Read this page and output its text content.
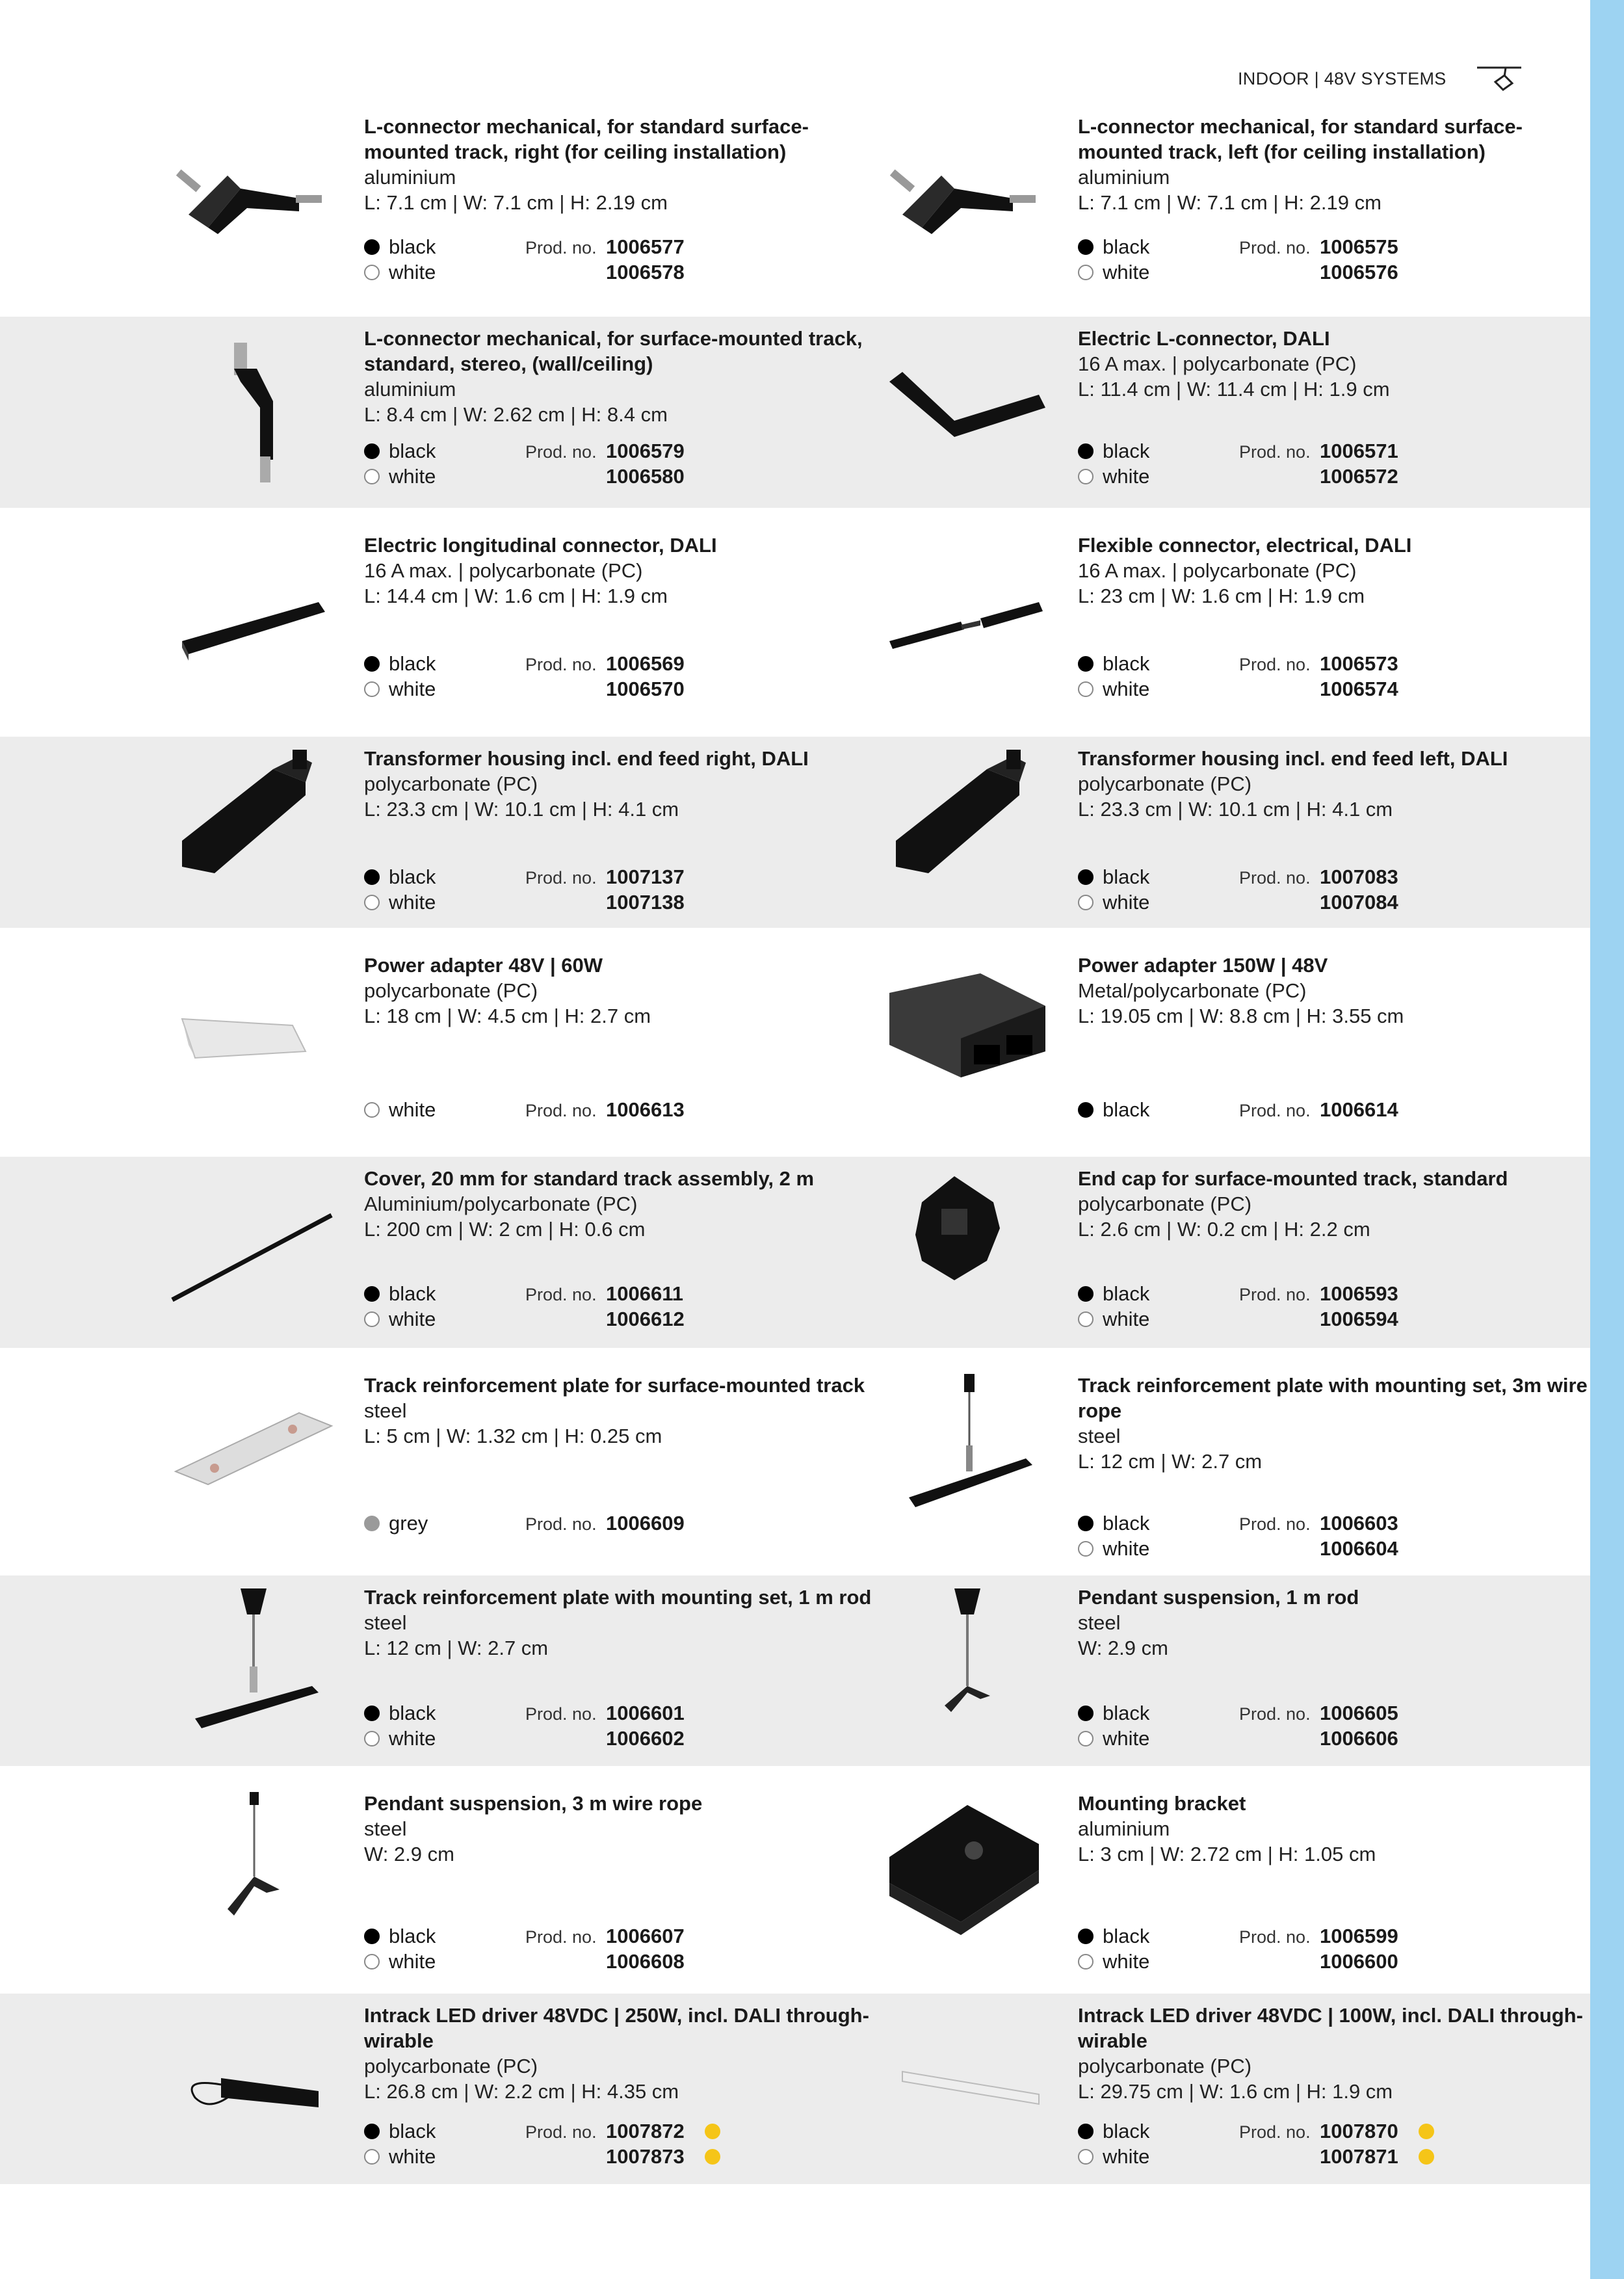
INDOOR | 48V SYSTEMS
L-connector mechanical, for standard surface-mounted track, right (for ceiling installation)
aluminium
L: 7.1 cm | W: 7.1 cm | H: 2.19 cm
black	Prod. no. 1006577
white	1006578
L-connector mechanical, for standard surface-mounted track, left (for ceiling installation)
aluminium
L: 7.1 cm | W: 7.1 cm | H: 2.19 cm
black	Prod. no. 1006575
white	1006576
L-connector mechanical, for surface-mounted track, standard, stereo, (wall/ceiling)
aluminium
L: 8.4 cm | W: 2.62 cm | H: 8.4 cm
black	Prod. no. 1006579
white	1006580
Electric L-connector, DALI
16 A max. | polycarbonate (PC)
L: 11.4 cm | W: 11.4 cm | H: 1.9 cm
black	Prod. no. 1006571
white	1006572
Electric longitudinal connector, DALI
16 A max. | polycarbonate (PC)
L: 14.4 cm | W: 1.6 cm | H: 1.9 cm
black	Prod. no. 1006569
white	1006570
Flexible connector, electrical, DALI
16 A max. | polycarbonate (PC)
L: 23 cm | W: 1.6 cm | H: 1.9 cm
black	Prod. no. 1006573
white	1006574
Transformer housing incl. end feed right, DALI
polycarbonate (PC)
L: 23.3 cm | W: 10.1 cm | H: 4.1 cm
black	Prod. no. 1007137
white	1007138
Transformer housing incl. end feed left, DALI
polycarbonate (PC)
L: 23.3 cm | W: 10.1 cm | H: 4.1 cm
black	Prod. no. 1007083
white	1007084
Power adapter 48V | 60W
polycarbonate (PC)
L: 18 cm | W: 4.5 cm | H: 2.7 cm
white	Prod. no. 1006613
Power adapter 150W | 48V
Metal/polycarbonate (PC)
L: 19.05 cm | W: 8.8 cm | H: 3.55 cm
black	Prod. no. 1006614
Cover, 20 mm for standard track assembly, 2 m
Aluminium/polycarbonate (PC)
L: 200 cm | W: 2 cm | H: 0.6 cm
black	Prod. no. 1006611
white	1006612
End cap for surface-mounted track, standard
polycarbonate (PC)
L: 2.6 cm | W: 0.2 cm | H: 2.2 cm
black	Prod. no. 1006593
white	1006594
Track reinforcement plate for surface-mounted track
steel
L: 5 cm | W: 1.32 cm | H: 0.25 cm
grey	Prod. no. 1006609
Track reinforcement plate with mounting set, 3m wire rope
steel
L: 12 cm | W: 2.7 cm
black	Prod. no. 1006603
white	1006604
Track reinforcement plate with mounting set, 1 m rod
steel
L: 12 cm | W: 2.7 cm
black	Prod. no. 1006601
white	1006602
Pendant suspension, 1 m rod
steel
W: 2.9 cm
black	Prod. no. 1006605
white	1006606
Pendant suspension, 3 m wire rope
steel
W: 2.9 cm
black	Prod. no. 1006607
white	1006608
Mounting bracket
aluminium
L: 3 cm | W: 2.72 cm | H: 1.05 cm
black	Prod. no. 1006599
white	1006600
Intrack LED driver 48VDC | 250W, incl. DALI through-wirable
polycarbonate (PC)
L: 26.8 cm | W: 2.2 cm | H: 4.35 cm
black	Prod. no. 1007872
white	1007873
Intrack LED driver 48VDC | 100W, incl. DALI through-wirable
polycarbonate (PC)
L: 29.75 cm | W: 1.6 cm | H: 1.9 cm
black	Prod. no. 1007870
white	1007871
